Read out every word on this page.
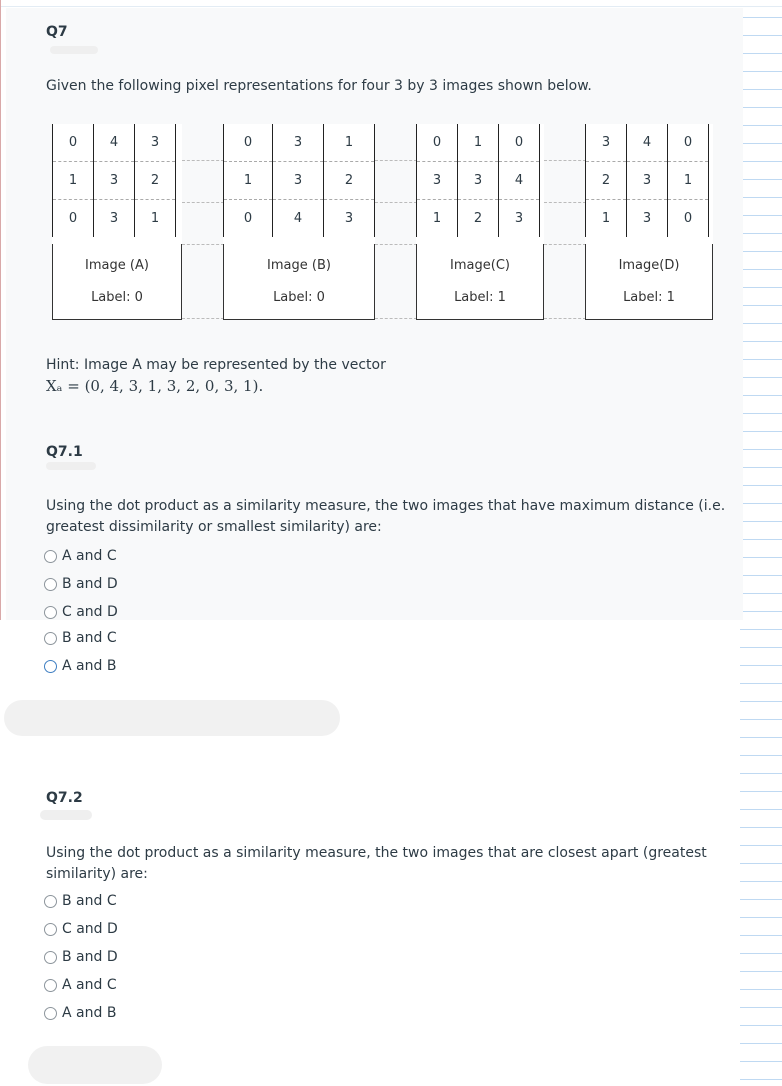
Q7
Given the following pixel representations for four 3 by 3 images shown below.
0	4	3
1	3	2
0	3	1
Image (A)
Label: 0
0	3	1
1	3	2
0	4	3
Image (B)
Label: 0
0	1	0
3	3	4
1	2	3
Image(C)
Label: 1
3	4	0
2	3	1
1	3	0
Image(D)
Label: 1
Hint: Image A may be represented by the vector
Xₐ = (0, 4, 3, 1, 3, 2, 0, 3, 1).
Q7.1
Using the dot product as a similarity measure, the two images that have maximum distance (i.e. greatest dissimilarity or smallest similarity) are:
A and C
B and D
C and D
B and C
A and B
Q7.2
Using the dot product as a similarity measure, the two images that are closest apart (greatest similarity) are:
B and C
C and D
B and D
A and C
A and B
